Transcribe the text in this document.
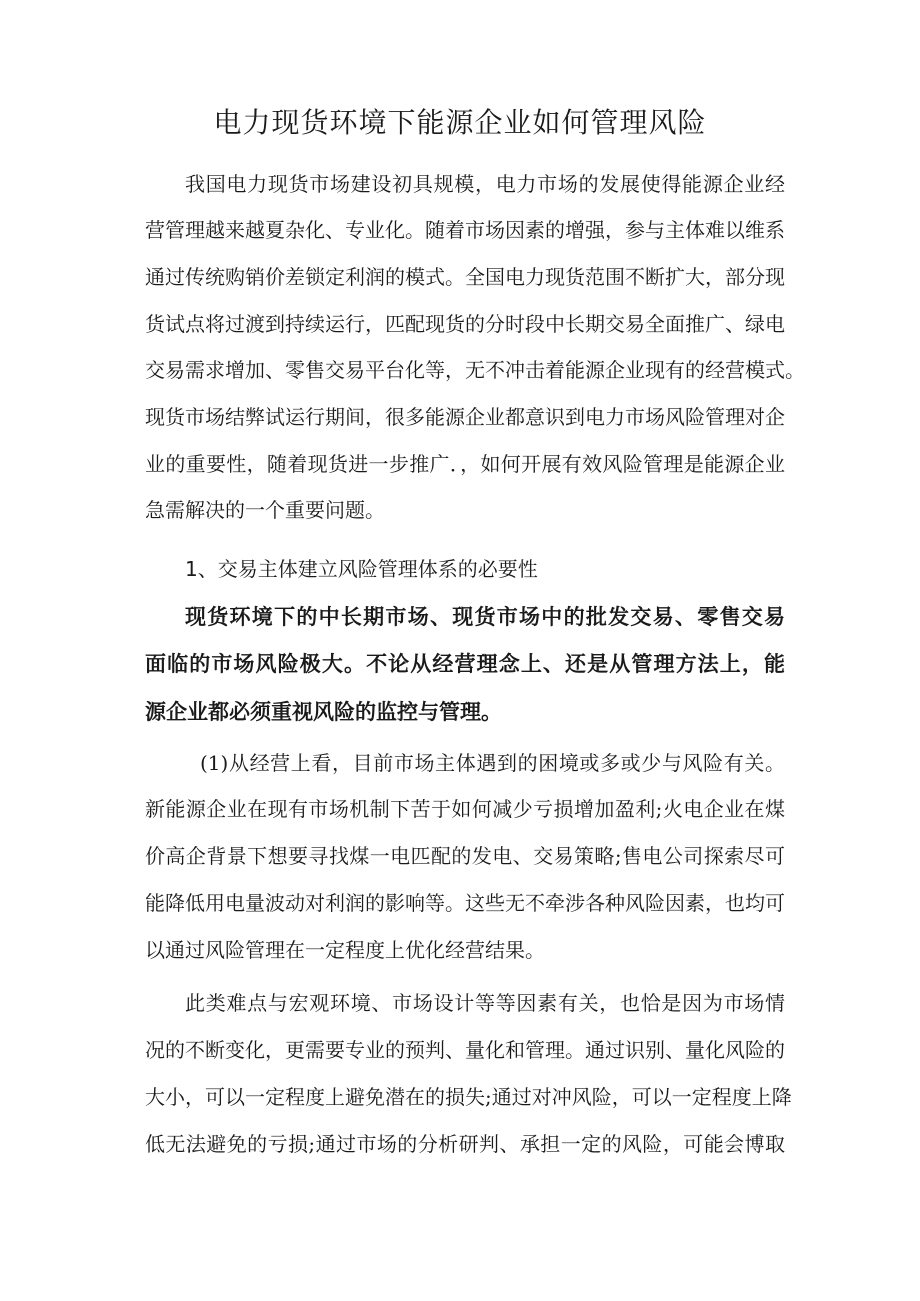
电力现货环境下能源企业如何管理风险
我国电力现货市场建设初具规模，电力市场的发展使得能源企业经
营管理越来越夏杂化、专业化。随着市场因素的增强，参与主体难以维系
通过传统购销价差锁定利润的模式。全国电力现货范围不断扩大，部分现
货试点将过渡到持续运行，匹配现货的分时段中长期交易全面推广、绿电
交易需求增加、零售交易平台化等，无不冲击着能源企业现有的经营模式。
现货市场结弊试运行期间，很多能源企业都意识到电力市场风险管理对企
业的重要性，随着现货进一步推广．，如何开展有效风险管理是能源企业
急需解决的一个重要问题。
1、交易主体建立风险管理体系的必要性
现货环境下的中长期市场、现货市场中的批发交易、零售交易
面临的市场风险极大。不论从经营理念上、还是从管理方法上，能
源企业都必须重视风险的监控与管理。
(1)从经营上看，目前市场主体遇到的困境或多或少与风险有关。
新能源企业在现有市场机制下苦于如何减少亏损增加盈利;火电企业在煤
价高企背景下想要寻找煤一电匹配的发电、交易策略;售电公司探索尽可
能降低用电量波动对利润的影响等。这些无不牵涉各种风险因素，也均可
以通过风险管理在一定程度上优化经营结果。
此类难点与宏观环境、市场设计等等因素有关，也恰是因为市场情
况的不断变化，更需要专业的预判、量化和管理。通过识别、量化风险的
大小，可以一定程度上避免潜在的损失;通过对冲风险，可以一定程度上降
低无法避免的亏损;通过市场的分析研判、承担一定的风险，可能会博取
